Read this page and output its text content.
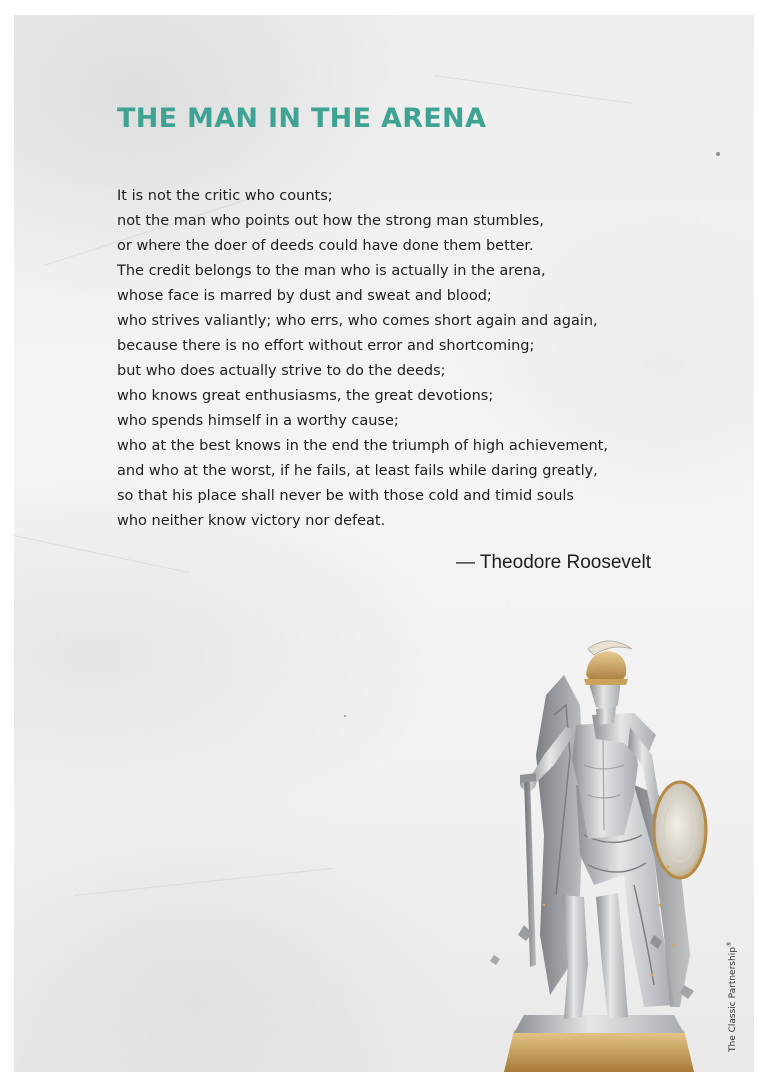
THE MAN IN THE ARENA
It is not the critic who counts;
not the man who points out how the strong man stumbles,
or where the doer of deeds could have done them better.
The credit belongs to the man who is actually in the arena,
whose face is marred by dust and sweat and blood;
who strives valiantly; who errs, who comes short again and again,
because there is no effort without error and shortcoming;
but who does actually strive to do the deeds;
who knows great enthusiasms, the great devotions;
who spends himself in a worthy cause;
who at the best knows in the end the triumph of high achievement,
and who at the worst, if he fails, at least fails while daring greatly,
so that his place shall never be with those cold and timid souls
who neither know victory nor defeat.
— Theodore Roosevelt
The Classic Partnership®
